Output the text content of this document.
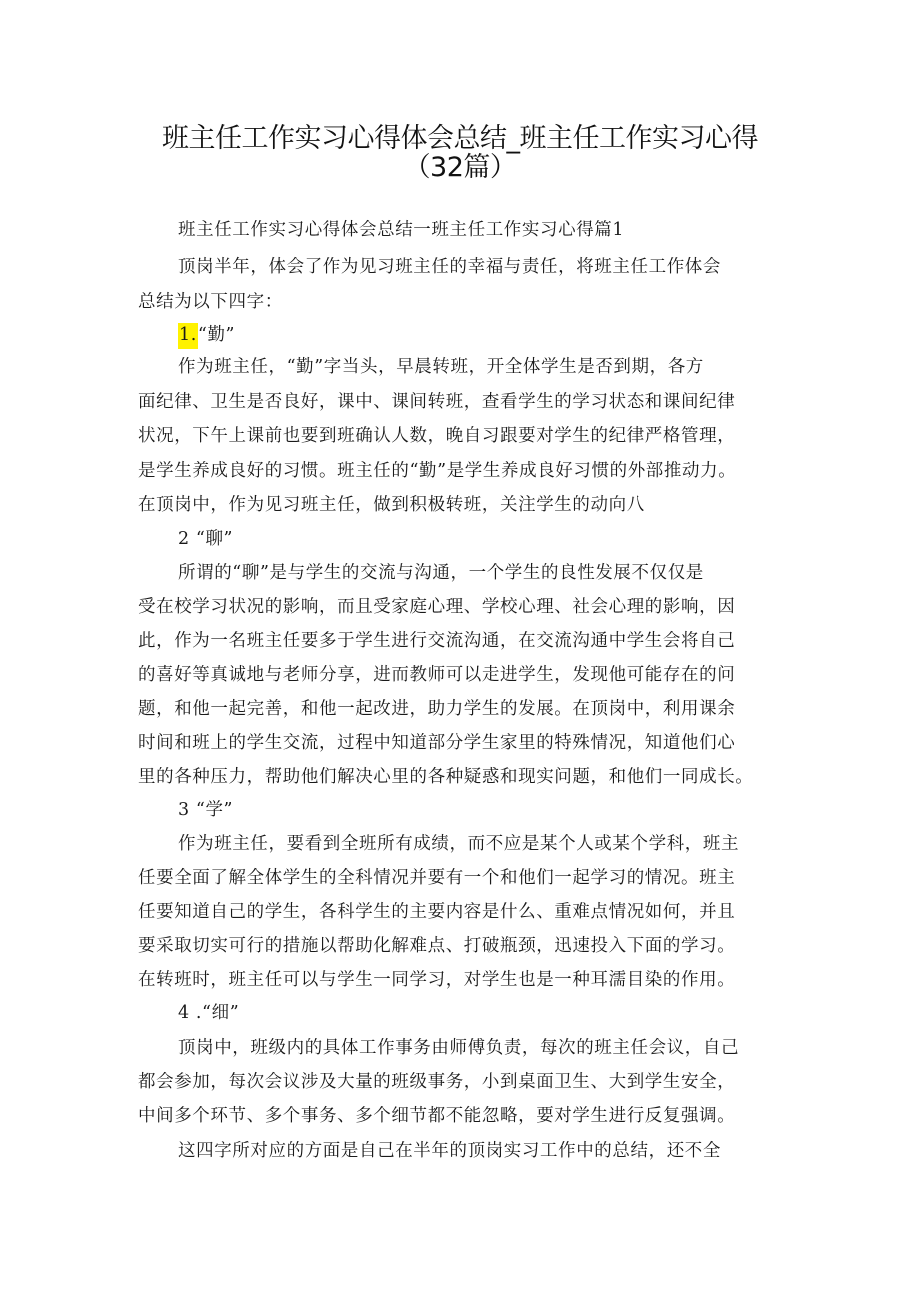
班主任工作实习心得体会总结_班主任工作实习心得
（32篇）
班主任工作实习心得体会总结一班主任工作实习心得篇1
顶岗半年，体会了作为见习班主任的幸福与责任，将班主任工作体会
总结为以下四字：
1.“勤”
作为班主任，“勤”字当头，早晨转班，开全体学生是否到期，各方
面纪律、卫生是否良好，课中、课间转班，查看学生的学习状态和课间纪律
状况，下午上课前也要到班确认人数，晚自习跟要对学生的纪律严格管理，
是学生养成良好的习惯。班主任的“勤”是学生养成良好习惯的外部推动力。
在顶岗中，作为见习班主任，做到积极转班，关注学生的动向八
2 “聊”
所谓的“聊”是与学生的交流与沟通，一个学生的良性发展不仅仅是
受在校学习状况的影响，而且受家庭心理、学校心理、社会心理的影响，因
此，作为一名班主任要多于学生进行交流沟通，在交流沟通中学生会将自己
的喜好等真诚地与老师分享，进而教师可以走进学生，发现他可能存在的问
题，和他一起完善，和他一起改进，助力学生的发展。在顶岗中，利用课余
时间和班上的学生交流，过程中知道部分学生家里的特殊情况，知道他们心
里的各种压力，帮助他们解决心里的各种疑惑和现实问题，和他们一同成长。
3 “学”
作为班主任，要看到全班所有成绩，而不应是某个人或某个学科，班主
任要全面了解全体学生的全科情况并要有一个和他们一起学习的情况。班主
任要知道自己的学生，各科学生的主要内容是什么、重难点情况如何，并且
要采取切实可行的措施以帮助化解难点、打破瓶颈，迅速投入下面的学习。
在转班时，班主任可以与学生一同学习，对学生也是一种耳濡目染的作用。
4 .“细”
顶岗中，班级内的具体工作事务由师傅负责，每次的班主任会议，自己
都会参加，每次会议涉及大量的班级事务，小到桌面卫生、大到学生安全，
中间多个环节、多个事务、多个细节都不能忽略，要对学生进行反复强调。
这四字所对应的方面是自己在半年的顶岗实习工作中的总结，还不全
